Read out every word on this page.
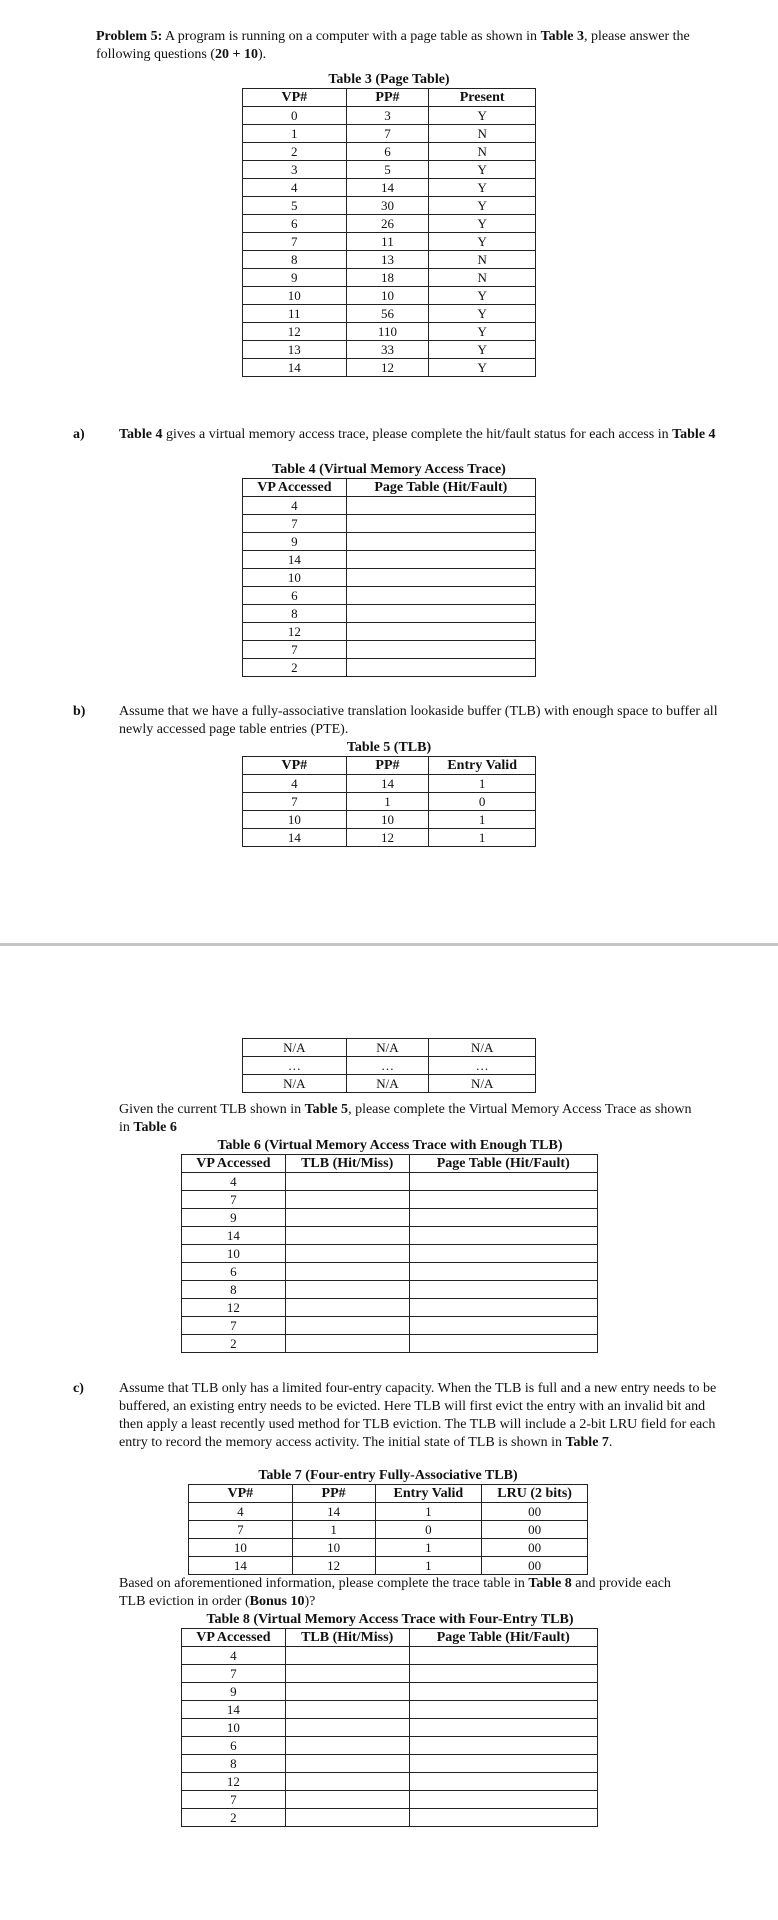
Problem 5: A program is running on a computer with a page table as shown in Table 3, please answer the following questions (20 + 10).

Table 3 (Page Table)
VP#	PP#	Present
0	3	Y
1	7	N
2	6	N
3	5	Y
4	14	Y
5	30	Y
6	26	Y
7	11	Y
8	13	N
9	18	N
10	10	Y
11	56	Y
12	110	Y
13	33	Y
14	12	Y

a) Table 4 gives a virtual memory access trace, please complete the hit/fault status for each access in Table 4

Table 4 (Virtual Memory Access Trace)
VP Accessed	Page Table (Hit/Fault)
4	
7	
9	
14	
10	
6	
8	
12	
7	
2	

b) Assume that we have a fully-associative translation lookaside buffer (TLB) with enough space to buffer all newly accessed page table entries (PTE).

Table 5 (TLB)
VP#	PP#	Entry Valid
4	14	1
7	1	0
10	10	1
14	12	1
N/A	N/A	N/A
…	…	…
N/A	N/A	N/A

Given the current TLB shown in Table 5, please complete the Virtual Memory Access Trace as shown in Table 6

Table 6 (Virtual Memory Access Trace with Enough TLB)
VP Accessed	TLB (Hit/Miss)	Page Table (Hit/Fault)
4		
7		
9		
14		
10		
6		
8		
12		
7		
2		

c)	Assume that TLB only has a limited four-entry capacity. When the TLB is full and a new entry needs to be buffered, an existing entry needs to be evicted. Here TLB will first evict the entry with an invalid bit and then apply a least recently used method for TLB eviction. The TLB will include a 2-bit LRU field for each entry to record the memory access activity. The initial state of TLB is shown in Table 7.

Table 7 (Four-entry Fully-Associative TLB)
VP#	PP#	Entry Valid	LRU (2 bits)
4	14	1	00
7	1	0	00
10	10	1	00
14	12	1	00

Based on aforementioned information, please complete the trace table in Table 8 and provide each TLB eviction in order (Bonus 10)?

Table 8 (Virtual Memory Access Trace with Four-Entry TLB)
VP Accessed	TLB (Hit/Miss)	Page Table (Hit/Fault)
4		
7		
9		
14		
10		
6		
8		
12		
7		
2		
